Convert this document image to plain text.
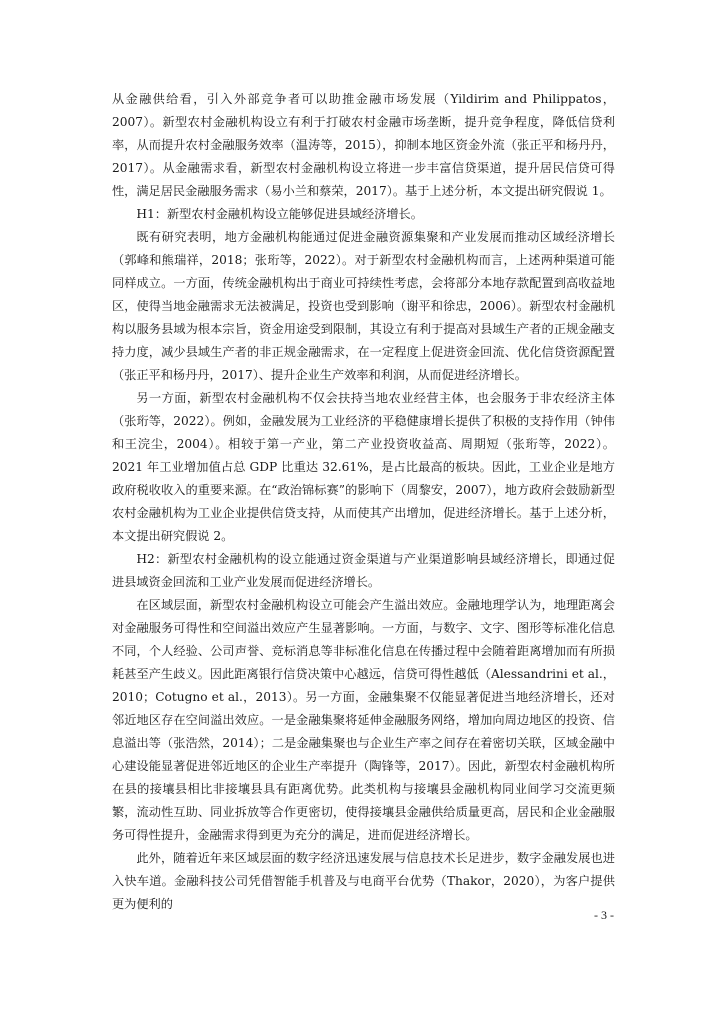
从金融供给看，引入外部竞争者可以助推金融市场发展（Yildirim and Philippatos，2007）。新型农村金融机构设立有利于打破农村金融市场垄断，提升竞争程度，降低信贷利率，从而提升农村金融服务效率（温涛等，2015），抑制本地区资金外流（张正平和杨丹丹，2017）。从金融需求看，新型农村金融机构设立将进一步丰富信贷渠道，提升居民信贷可得性，满足居民金融服务需求（易小兰和蔡荣，2017）。基于上述分析，本文提出研究假说 1。

H1：新型农村金融机构设立能够促进县域经济增长。

既有研究表明，地方金融机构能通过促进金融资源集聚和产业发展而推动区域经济增长（郭峰和熊瑞祥，2018；张珩等，2022）。对于新型农村金融机构而言，上述两种渠道可能同样成立。一方面，传统金融机构出于商业可持续性考虑，会将部分本地存款配置到高收益地区，使得当地金融需求无法被满足，投资也受到影响（谢平和徐忠，2006）。新型农村金融机构以服务县域为根本宗旨，资金用途受到限制，其设立有利于提高对县域生产者的正规金融支持力度，减少县域生产者的非正规金融需求，在一定程度上促进资金回流、优化信贷资源配置（张正平和杨丹丹，2017）、提升企业生产效率和利润，从而促进经济增长。

另一方面，新型农村金融机构不仅会扶持当地农业经营主体，也会服务于非农经济主体（张珩等，2022）。例如，金融发展为工业经济的平稳健康增长提供了积极的支持作用（钟伟和王浣尘，2004）。相较于第一产业，第二产业投资收益高、周期短（张珩等，2022）。2021 年工业增加值占总 GDP 比重达 32.61%，是占比最高的板块。因此，工业企业是地方政府税收收入的重要来源。在“政治锦标赛”的影响下（周黎安，2007），地方政府会鼓励新型农村金融机构为工业企业提供信贷支持，从而使其产出增加，促进经济增长。基于上述分析，本文提出研究假说 2。

H2：新型农村金融机构的设立能通过资金渠道与产业渠道影响县域经济增长，即通过促进县域资金回流和工业产业发展而促进经济增长。

在区域层面，新型农村金融机构设立可能会产生溢出效应。金融地理学认为，地理距离会对金融服务可得性和空间溢出效应产生显著影响。一方面，与数字、文字、图形等标准化信息不同，个人经验、公司声誉、竞标消息等非标准化信息在传播过程中会随着距离增加而有所损耗甚至产生歧义。因此距离银行信贷决策中心越远，信贷可得性越低（Alessandrini et al.，2010；Cotugno et al.，2013）。另一方面，金融集聚不仅能显著促进当地经济增长，还对邻近地区存在空间溢出效应。一是金融集聚将延伸金融服务网络，增加向周边地区的投资、信息溢出等（张浩然，2014）；二是金融集聚也与企业生产率之间存在着密切关联，区域金融中心建设能显著促进邻近地区的企业生产率提升（陶锋等，2017）。因此，新型农村金融机构所在县的接壤县相比非接壤县具有距离优势。此类机构与接壤县金融机构同业间学习交流更频繁，流动性互助、同业拆放等合作更密切，使得接壤县金融供给质量更高，居民和企业金融服务可得性提升，金融需求得到更为充分的满足，进而促进经济增长。

此外，随着近年来区域层面的数字经济迅速发展与信息技术长足进步，数字金融发展也进入快车道。金融科技公司凭借智能手机普及与电商平台优势（Thakor，2020），为客户提供更为便利的

- 3 -
